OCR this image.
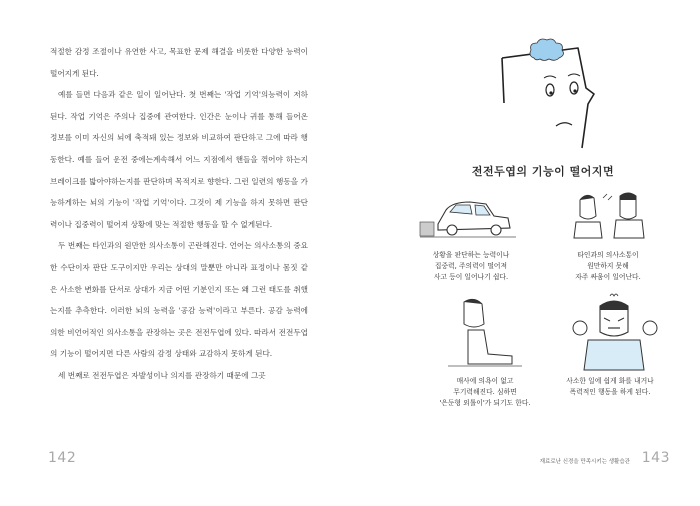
적절한 감정 조절이나 유연한 사고, 목표한 문제 해결을 비롯한 다양한 능력이 떨어지게 된다.

예를 들면 다음과 같은 일이 일어난다. 첫 번째는 '작업 기억'의능력이 저하된다. 작업 기억은 주의나 집중에 관여한다. 인간은 눈이나 귀를 통해 들어온 정보를 이미 자신의 뇌에 축적돼 있는 정보와 비교하여 판단하고 그에 따라 행동한다. 예를 들어 운전 중에는계속해서 어느 지점에서 핸들을 꺾어야 하는지 브레이크를 밟아야하는지를 판단하며 목적지로 향한다. 그런 일련의 행동을 가능하게하는 뇌의 기능이 '작업 기억'이다. 그것이 제 기능을 하지 못하면 판단력이나 집중력이 떨어져 상황에 맞는 적절한 행동을 할 수 없게된다.

두 번째는 타인과의 원만한 의사소통이 곤란해진다. 언어는 의사소통의 중요한 수단이자 판단 도구이지만 우리는 상대의 말뿐만 아니라 표정이나 몸짓 같은 사소한 변화를 단서로 상대가 지금 어떤 기분인지 또는 왜 그런 태도를 취했는지를 추측한다. 이러한 뇌의 능력을 '공감 능력'이라고 부른다. 공감 능력에 의한 비언어적인 의사소통을 관장하는 곳은 전전두엽에 있다. 따라서 전전두엽의 기능이 떨어지면 다른 사람의 감정 상태와 교감하지 못하게 된다.

세 번째로 전전두엽은 자발성이나 의지를 관장하기 때문에 그곳

142
전전두엽의 기능이 떨어지면
상황을 판단하는 능력이나
집중력, 주의력이 떨어져
사고 등이 일어나기 쉽다.
타인과의 의사소통이
원만하지 못해
자주 싸움이 일어난다.
매사에 의욕이 없고
무기력해진다. 심하면
'은둔형 외톨이'가 되기도 한다.
사소한 일에 쉽게 화를 내거나
폭력적인 행동을 하게 된다.
재료로난 신경을 만족시키는 생활습관 143
